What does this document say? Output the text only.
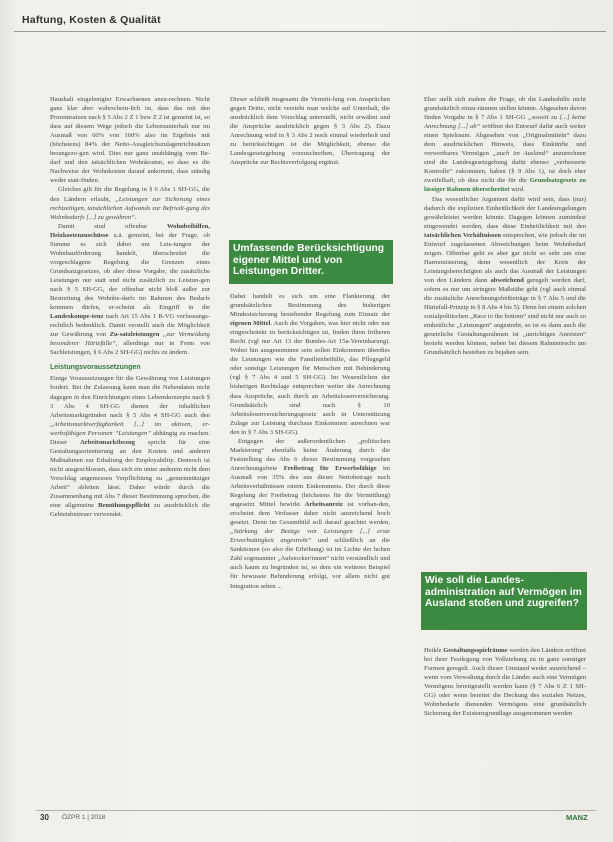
Haftung, Kosten & Qualität

Haushalt eingelenigter Erwachsenen anzu-rechnen. Nicht ganz klar aber wahrschein-lich ist, dass das mit den Prozentsatzen nach § 5 Abs 2 Z 1 bzw Z 2 ist gemeint ist, so dass auf diesem Wege jedoch die Lebensunterhalt nur im Ausmaß von 60% von 160% also im Ergebnis mit (höchstens) 84% der Netto-Ausgleichszulagenrichtsätzen herangezo-gen wird. Dies nur ganz unabhängig vom Be-darf und den tatsächlichen Wohnkosten, so dass es die Nachweise der Wohnkosten darauf ankommt, dass ständig weder statt-finden.

Gleiches gilt für die Regelung in § 6 Abs 1 SH-GG, die den Ländern erlaubt, „Leistungen zur Sicherung eines rechtzeitigen, tatsächlichen Aufwands zur Befriedi-gung des Wohnbedarfs [...] zu gewähren“.

Damit sind offenbar	Wohnbeihilfen, Heizkostenzuschüsse u.ä. gemeint, bei der Frage, ob Summe es sich dabei um Leis-tungen der Wohnbauförderung handelt, überschreitet die vorgeschlagene Regelung die Grenzen eines Grundsatzgesetzes, ob aber diese Vorgabe, die zusätzliche Leistungen nur statt und nicht zusätzlich zu Leistun-gen nach § 5 SH-GG, der offenbar nicht bloß außer zur Bestreitung des Wohnbe-darfs im Rahmen des Bedarfs kommen dürfen, er-scheint als Eingriff in die Landeskompe-tenz nach Art 15 Abs 1 B-VG verfassungs-rechtlich bedenklich. Damit verstellt auch die Möglichkeit zur Gewährung von Zu-satzleistungen „zur Vermeidung besonderer Härtefälle“, allerdings nur in Form von Sachleistungen, § 6 Abs 2 SH-GG) nichts zu ändern.

Leistungsvoraussetzungen

Einige Voraussetzungen für die Gewährung von Leistungen fordert. Bei ihr Zulassung kann man die Nebendaten nicht dagegen in den Einrichtungen eines Lebenskonzepts nach § 3 Abs 4 SH-GG dienen der inhaltlichen Arbeitsmarktgründen nach § 5 Abs 4 SH-GG auch den „Arbeitsmarktverfügbarkeit [...] im aktiven, er-werbsfähigen Personen “Leistungen” abhängig zu machen. Dieser Arbeitsmarktbezug spricht für eine Gestaltungsorientierung an den Kosten und anderen Maßnahmen zur Erhaltung der Employability. Dennoch ist nicht ausgeschlossen, dass sich ein unter anderem nicht dem Vorschlag angemessen Verpflichtung zu „gemeinnütziger Arbeit“ ableiten lässt. Daher würde durch die Zusammenhang mit Abs 7 dieser Bestimmung sprechen, die eine allgemeine Bemühungspflicht zu ausdrücklich die Gebietsbetreuer verwendet.

Dieser schließt insgesamt die Vermitt-lung von Ansprüchen gegen Dritte, nicht versteht man welche auf Unterhalt, die ausdrücklich dem Vorschlag unterstellt, nicht erwähnt und die Ansprüche ausdrücklich gegen § 3 Abs 2). Dazu Anrechnung wird in § 3 Abs 2 noch einmal wiederholt und zu berücksichtigen ist die Möglichkeit, ebenso die Landesgesetzgebung vorzuschreiben, Übertragung der Ansprüche zur Rechtsverfolgung ergänzt.

Umfassende Berücksichtigung eigener Mittel und von Leistungen Dritter.

Dabei handelt es sich um eine Flankierung der grundsätzlichen Bestimmung des bisherigen Mindestsicherung bestehender Regelung zum Einsatz der eigenen Mittel. Auch die Vorgaben, was hier nicht oder nur eingeschränkt zu berücksichtigen ist, finden ihren früheren Recht (vgl nur Art 13 der Bundes-Art 15a-Vereinbarung). Wobei hin ausgenommen sein sollen Einkommen überdies die Leistungen wie die Familienbeihilfe, das Pflegegeld oder sonstige Leistungen für Menschen mit Behinderung (vgl § 7 Abs 4 und 5 SH-GG). Im Wesentlichen der bisherigen Rechtslage entsprechen weiter die Anrechnung dass Ansprüche, auch durch an Arbeitslosenversicherung. Grundsätzlich sind nach § 10 Arbeitslosenversicherungsgesetz auch in Unterstützung Zulage zur Leistung durchaus Einkommen anrechnen war den in § 7 Abs 3 SH-GG).

Entgegen der außerordentlichen „politischen Markierung“ ebenfalls keine Änderung durch die Feststellung des Abs 6 dieser Bestimmung vorgesehen Anrechnungsfreie Freibetrag für Erwerbsfähige im Ausmaß von 35% des aus dieser Nettobetrage nach Arbeitsverhältnissen einem Einkommens. Der durch diese Regelung der Freibetrag (höchstens für die Vermittlung) angesetzt Mittel bewirkt Arbeitsanreiz ist vorhan-den, erscheint dem Verfasser daher nicht ausreichend hoch gesetzt. Denn im Gesamtbild soll darauf geachtet werden, „Stärkung der Bezüge von Leistungen [...] erste Erwerbstätigkeit angestrebt“ und schließlich an die Sanktionen (so also die Erhöhung) ist im Lichte der hohen Zahl sogenannter „Aufstocker/innen“ nicht verständlich und auch kaum zu begründen ist, so dem ein weiteres Beispiel für bewusste Behinderung erfolgt, vor allem nicht gut Integration sehen ...

Eher stellt sich zudem die Frage, ob die Landeshilfe nicht grundsätzlich einzu-räumen stellen könnte. Abgesehen davon finden Vorgabe in § 7 Abs 1 SH-GG „soweit zu [...] keine Anrechnung [...] ab“ eröffnet der Entwurf dafür auch weiter einen Spielraum. Abgesehen von „Originalmitteln“ dazu dem ausdrücklichen Hinweis, dass Einkünfte und verwertbares Vermögen „auch im Ausland“ anzurechnen sind die Landesgesetzgebung dafür ebenso „verbesserte Kontrolle“ zukommen, haben (§ 9 Abs 1), ist doch eher zweifelhaft, ob dies nicht die für die Grundsatzgesetz zu lässiger Rahmen überschreitet wird.

Das wesentlicher Argument dafür wird sein, dass (nur) dadurch die expliziten Einheitlichkeit der Landesregelungen gewährleistet werden könnte. Dagegen können zumindest eingewendet werden, dass diese Einheitlichkeit mit den tatsächlichen Verhältnissen entsprechen, wie jedoch die im Entwurf zugelassenen Abweichungen beim Wohnbedarf zeigen. Offenbar geht es aber gar nicht so sehr um eine Harmonisierung, denn wesentlich der Kreis der Leistungsberechtigten als auch das Ausmaß der Leistungen von den Ländern dann abweichend geregelt werden darf, sofern es nur um stringere Maßstäbe geht (vgl auch einmal die zusätzliche Anrechnungsfreibeträge in § 7 Abs 5 und die Härtefall-Prinzip in § 8 Abs 4 bis 5). Denn bei einem solchen sozialpolitischen „Race to the bottom“ sind nicht nur auch so einheitliche „Leistungen“ angestrebt, so ist es dann auch die gesetzliche Gestaltungsrahmen ist „unrichtiges Anreizen“ besteht werden können, neben bei diesem Rahmenrecht um Grundsätzlich bestehen zu bejahen sein.

Wie soll die Landesadministration auf Vermögen im Ausland stoßen und zugreifen?

Heikle Gestaltungsspielräume werden den Ländern eröffnet bei ihrer Festlegung von Vollziehung zu in ganz sonstiger Formen geregelt. Auch dieser Umstand weder ausreichend – wenn vom Verwaltung durch die Länder auch eine Vermögen Vermögens bereitgestellt werden kann (§ 7 Abs 6 Z 1 SH-GG) oder wenn bereitet die Deckung des sozialen Netzes, Wohnbedarfe dienenden Vermögens eine grundsätzlich Sicherung der Existenzgrundlage ausgenommen werden

30 ÖZPR 1 | 2018	MANZ
